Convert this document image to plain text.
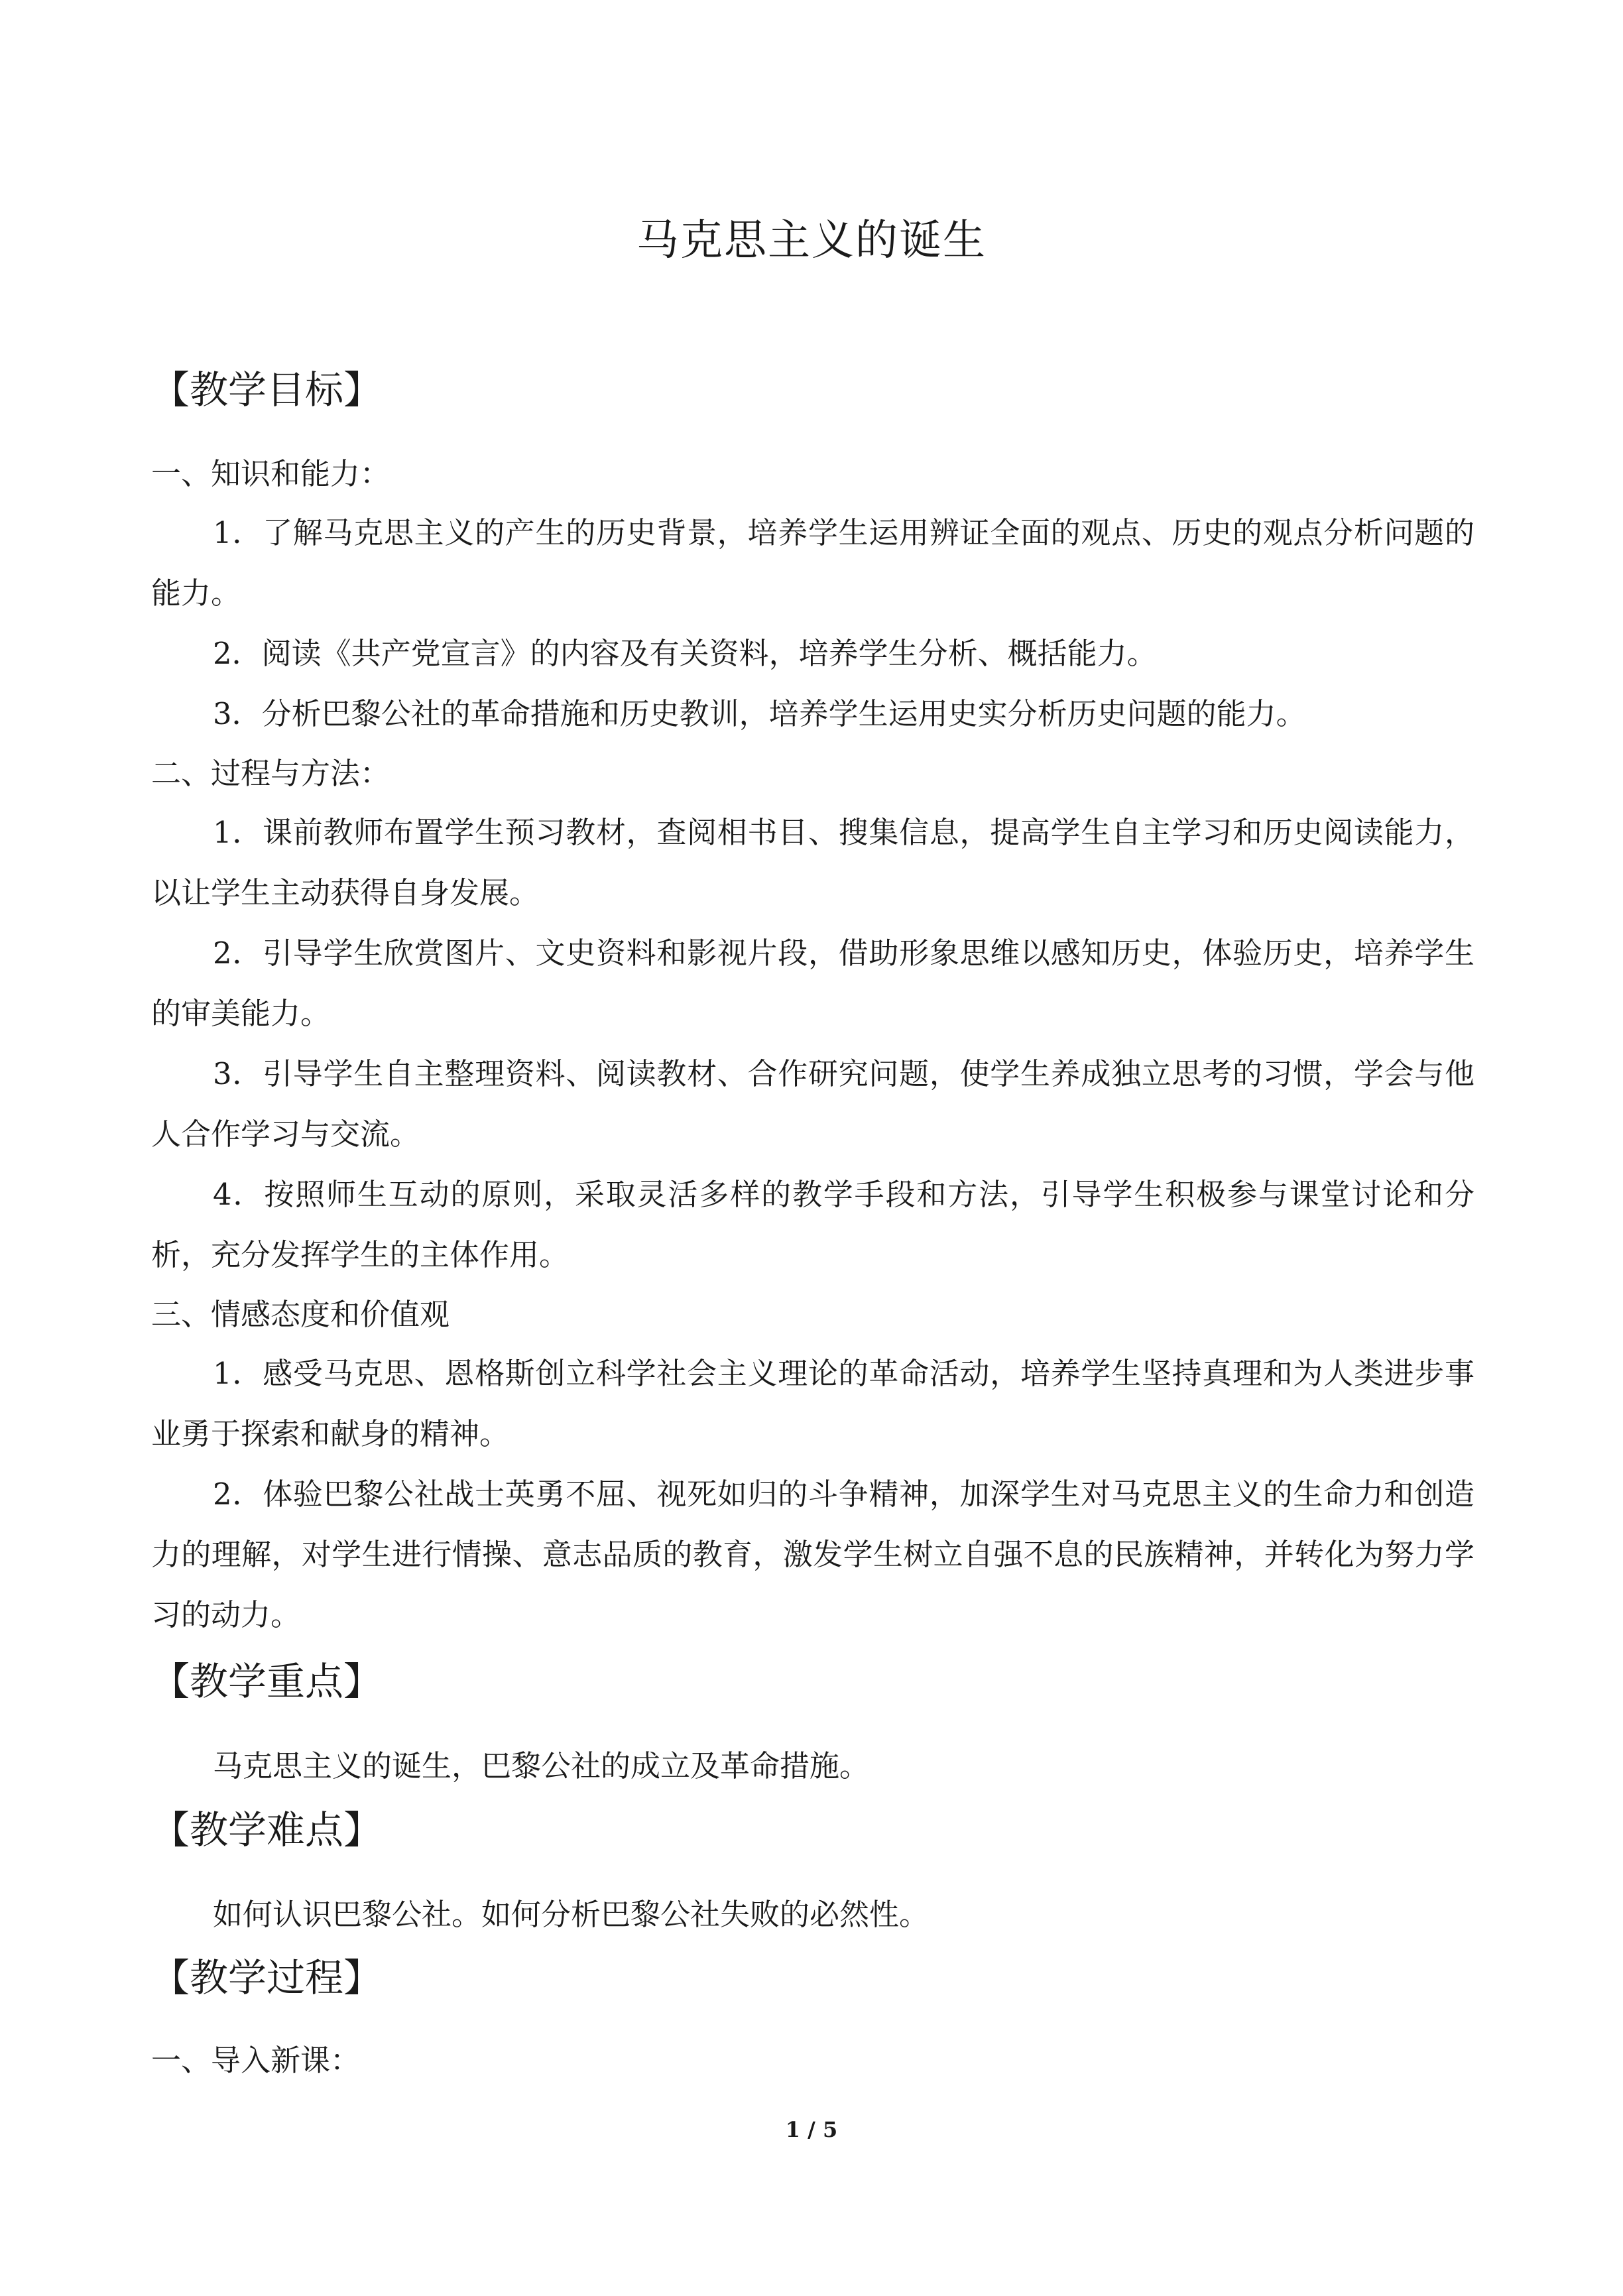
马克思主义的诞生
【教学目标】
一、知识和能力：
1．了解马克思主义的产生的历史背景，培养学生运用辨证全面的观点、历史的观点分析问题的能力。
2．阅读《共产党宣言》的内容及有关资料，培养学生分析、概括能力。
3．分析巴黎公社的革命措施和历史教训，培养学生运用史实分析历史问题的能力。
二、过程与方法：
1．课前教师布置学生预习教材，查阅相书目、搜集信息，提高学生自主学习和历史阅读能力，以让学生主动获得自身发展。
2．引导学生欣赏图片、文史资料和影视片段，借助形象思维以感知历史，体验历史，培养学生的审美能力。
3．引导学生自主整理资料、阅读教材、合作研究问题，使学生养成独立思考的习惯，学会与他人合作学习与交流。
4．按照师生互动的原则，采取灵活多样的教学手段和方法，引导学生积极参与课堂讨论和分析，充分发挥学生的主体作用。
三、情感态度和价值观
1．感受马克思、恩格斯创立科学社会主义理论的革命活动，培养学生坚持真理和为人类进步事业勇于探索和献身的精神。
2．体验巴黎公社战士英勇不屈、视死如归的斗争精神，加深学生对马克思主义的生命力和创造力的理解，对学生进行情操、意志品质的教育，激发学生树立自强不息的民族精神，并转化为努力学习的动力。
【教学重点】
马克思主义的诞生，巴黎公社的成立及革命措施。
【教学难点】
如何认识巴黎公社。如何分析巴黎公社失败的必然性。
【教学过程】
一、导入新课：
1 / 5
